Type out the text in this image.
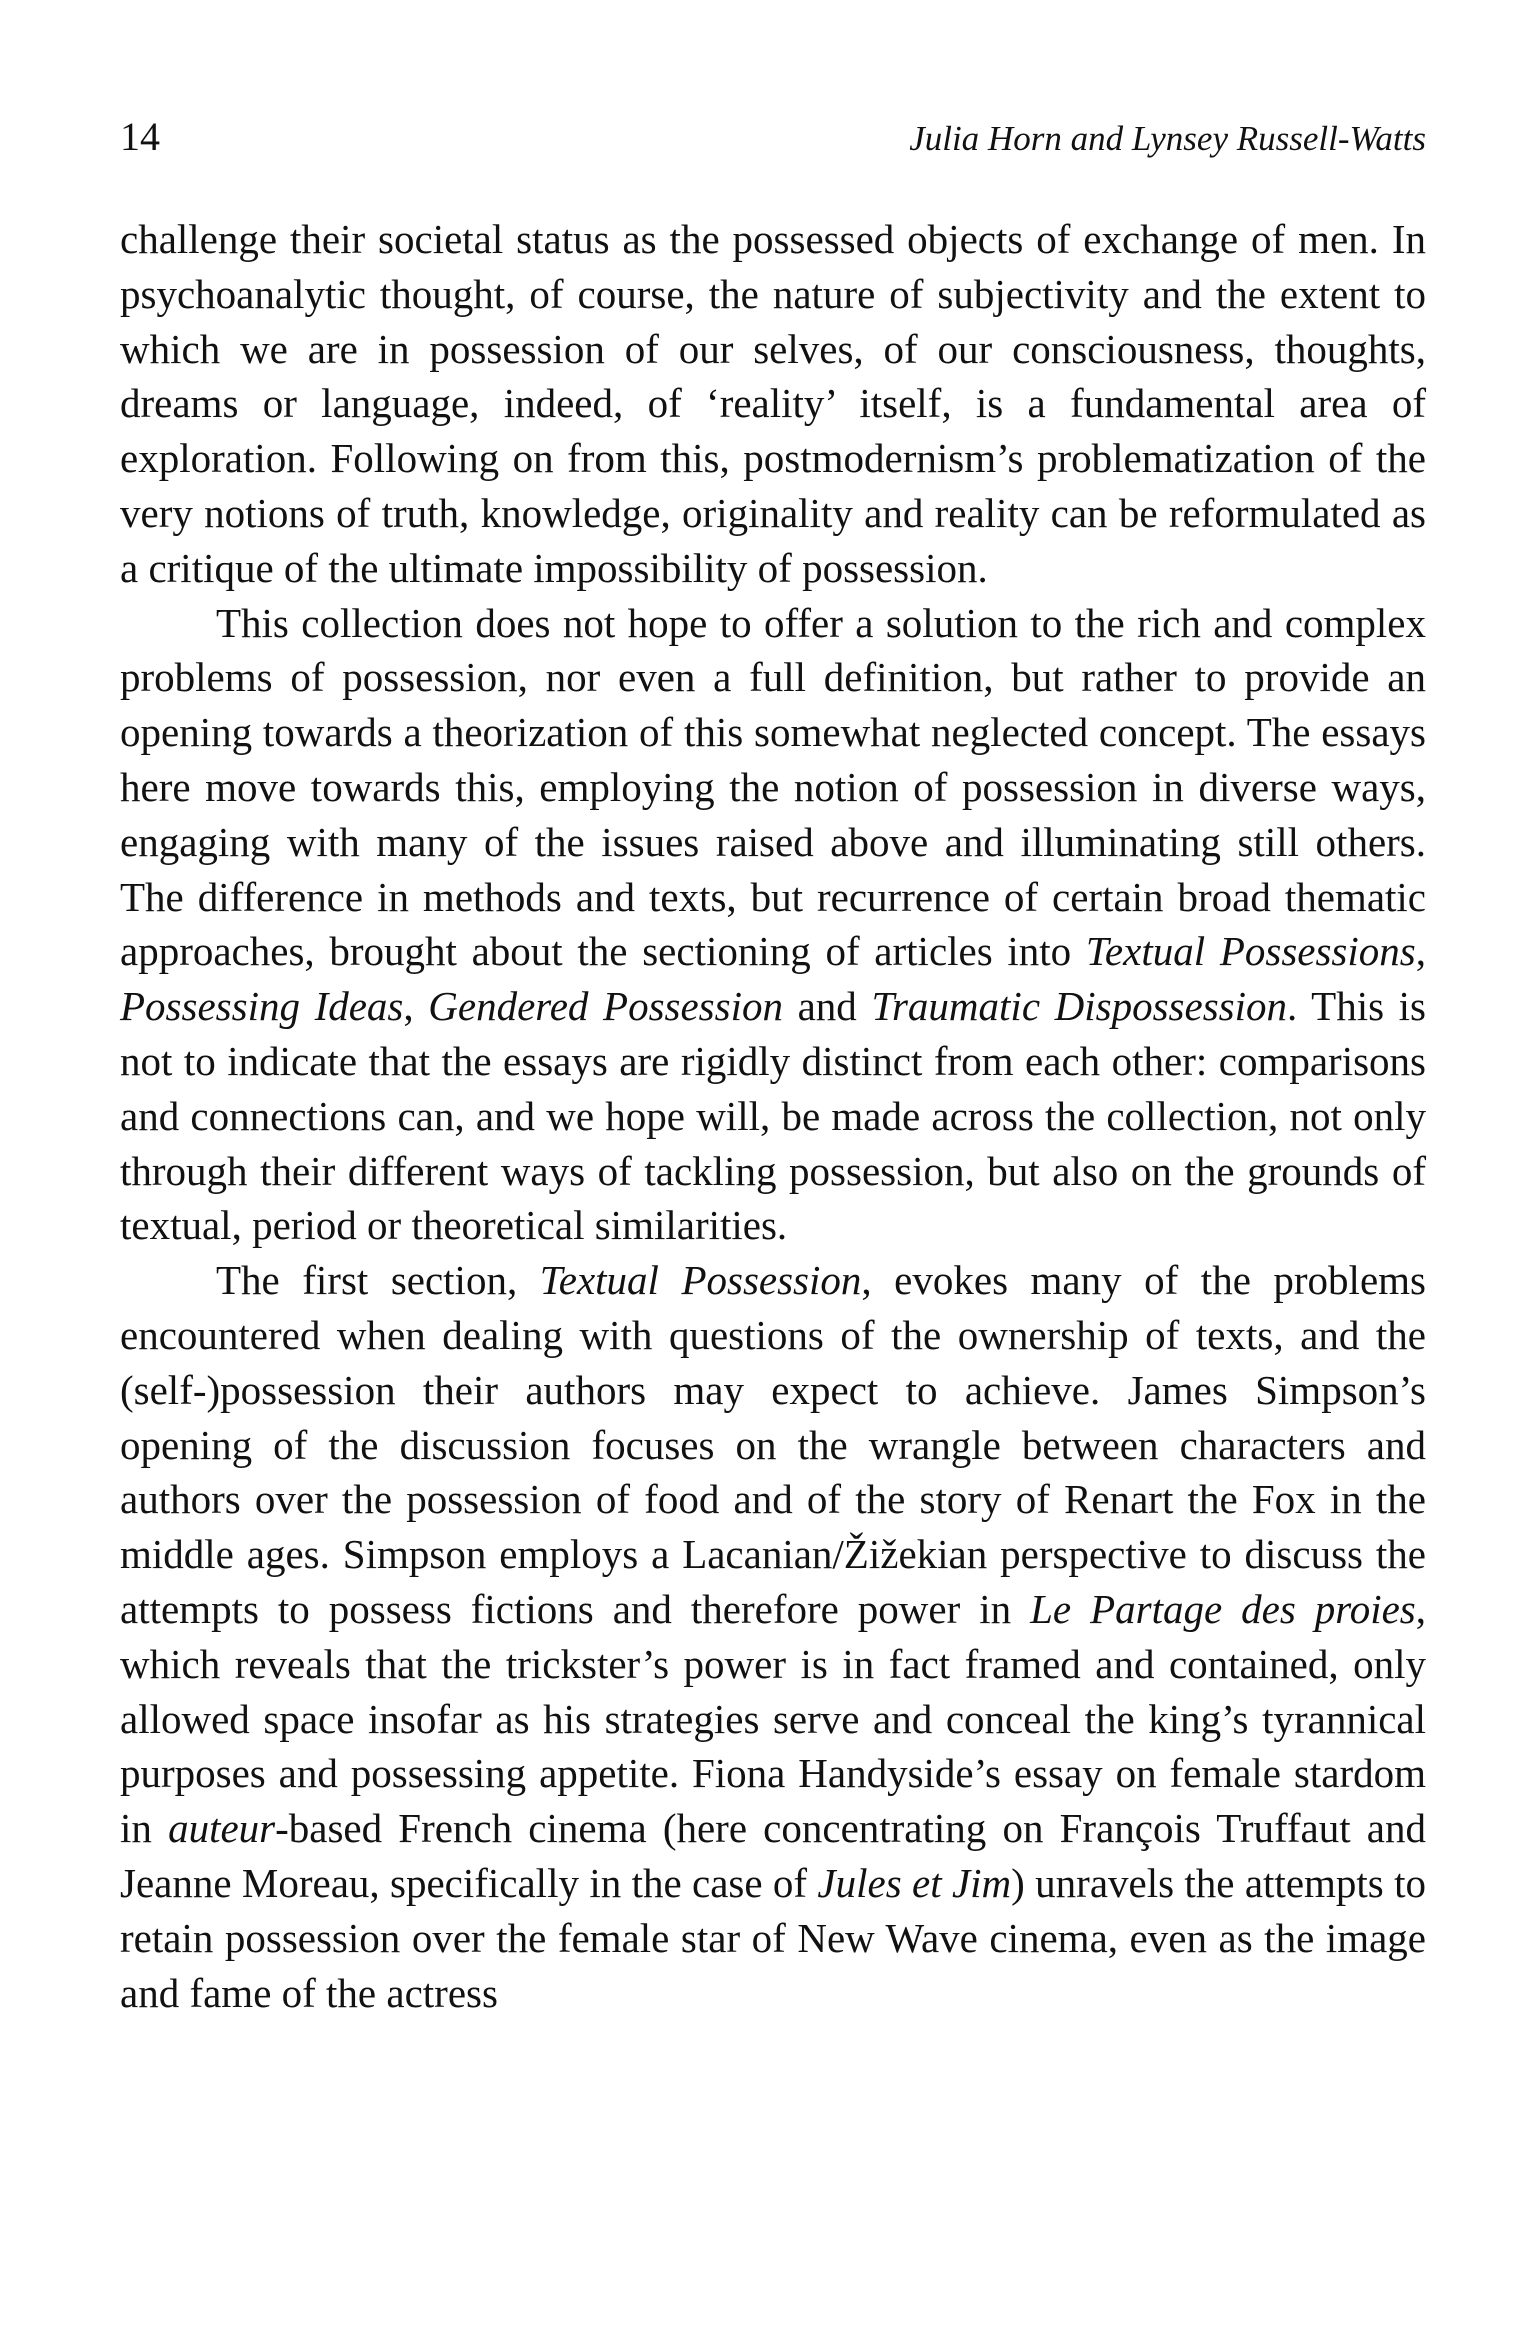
14	Julia Horn and Lynsey Russell-Watts

challenge their societal status as the possessed objects of exchange of men. In psychoanalytic thought, of course, the nature of subjectivity and the extent to which we are in possession of our selves, of our consciousness, thoughts, dreams or language, indeed, of ‘reality’ itself, is a fundamental area of exploration. Following on from this, postmodernism’s problematization of the very notions of truth, knowledge, originality and reality can be reformulated as a critique of the ultimate impossibility of possession.

This collection does not hope to offer a solution to the rich and complex problems of possession, nor even a full definition, but rather to provide an opening towards a theorization of this somewhat neglected concept. The essays here move towards this, employing the notion of possession in diverse ways, engaging with many of the issues raised above and illuminating still others. The difference in methods and texts, but recurrence of certain broad thematic approaches, brought about the sectioning of articles into Textual Possessions, Possessing Ideas, Gendered Possession and Traumatic Dispossession. This is not to indicate that the essays are rigidly distinct from each other: comparisons and connections can, and we hope will, be made across the collection, not only through their different ways of tackling possession, but also on the grounds of textual, period or theoretical similarities.

The first section, Textual Possession, evokes many of the problems encountered when dealing with questions of the ownership of texts, and the (self-)possession their authors may expect to achieve. James Simpson’s opening of the discussion focuses on the wrangle between characters and authors over the possession of food and of the story of Renart the Fox in the middle ages. Simpson employs a Lacanian/Žižekian perspective to discuss the attempts to possess fictions and therefore power in Le Partage des proies, which reveals that the trickster’s power is in fact framed and contained, only allowed space insofar as his strategies serve and conceal the king’s tyrannical purposes and possessing appetite. Fiona Handyside’s essay on female stardom in auteur-based French cinema (here concentrating on François Truffaut and Jeanne Moreau, specifically in the case of Jules et Jim) unravels the attempts to retain possession over the female star of New Wave cinema, even as the image and fame of the actress
